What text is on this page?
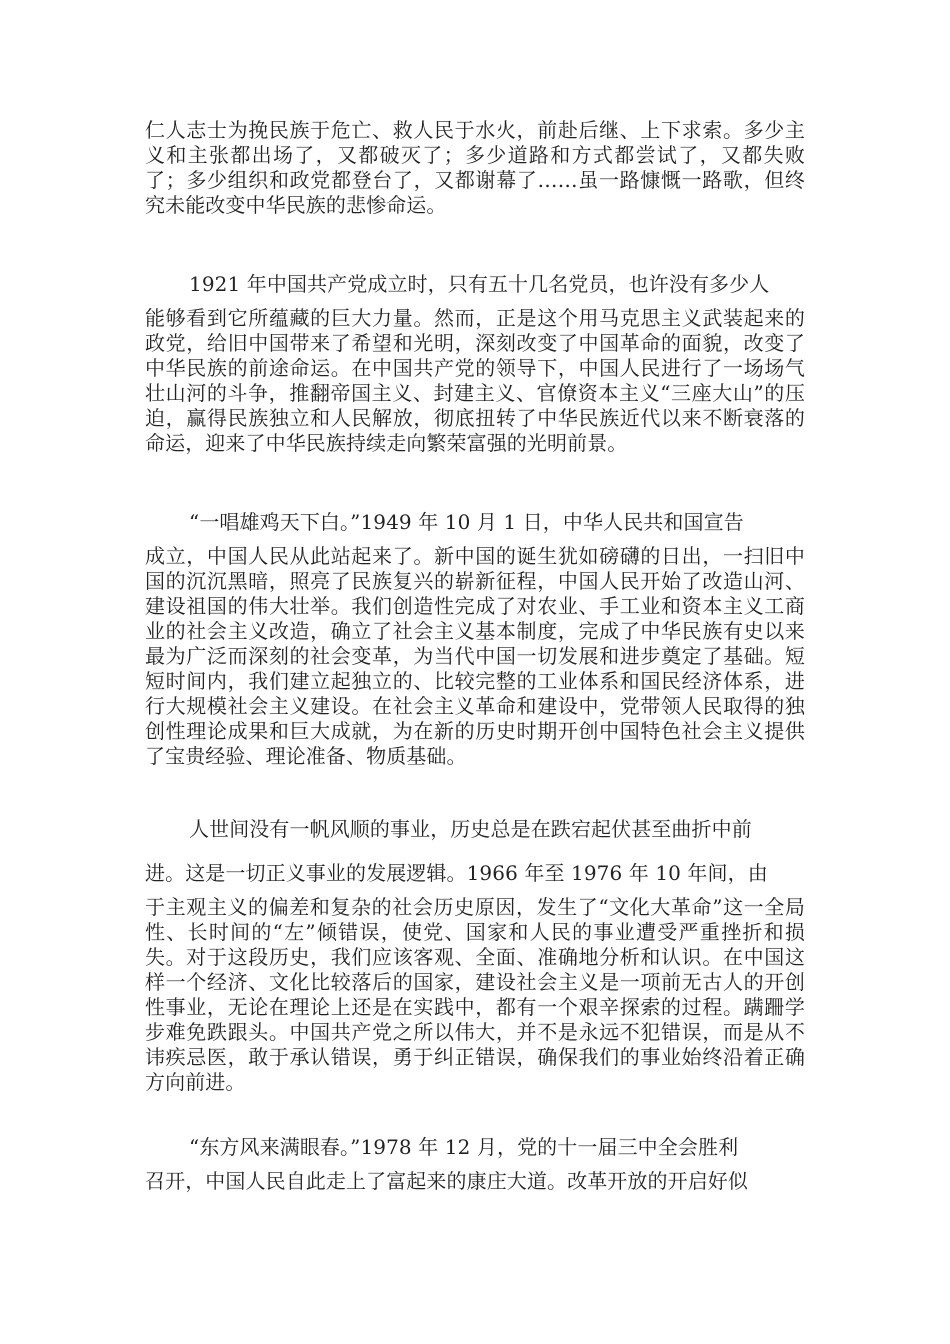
仁人志士为挽民族于危亡、救人民于水火，前赴后继、上下求索。多少主义和主张都出场了，又都破灭了；多少道路和方式都尝试了，又都失败了；多少组织和政党都登台了，又都谢幕了……虽一路慷慨一路歌，但终究未能改变中华民族的悲惨命运。

1921 年中国共产党成立时，只有五十几名党员，也许没有多少人
能够看到它所蕴藏的巨大力量。然而，正是这个用马克思主义武装起来的政党，给旧中国带来了希望和光明，深刻改变了中国革命的面貌，改变了中华民族的前途命运。在中国共产党的领导下，中国人民进行了一场场气壮山河的斗争，推翻帝国主义、封建主义、官僚资本主义“三座大山”的压迫，赢得民族独立和人民解放，彻底扭转了中华民族近代以来不断衰落的命运，迎来了中华民族持续走向繁荣富强的光明前景。

“一唱雄鸡天下白。”1949 年 10 月 1 日，中华人民共和国宣告
成立，中国人民从此站起来了。新中国的诞生犹如磅礴的日出，一扫旧中国的沉沉黑暗，照亮了民族复兴的崭新征程，中国人民开始了改造山河、建设祖国的伟大壮举。我们创造性完成了对农业、手工业和资本主义工商业的社会主义改造，确立了社会主义基本制度，完成了中华民族有史以来最为广泛而深刻的社会变革，为当代中国一切发展和进步奠定了基础。短短时间内，我们建立起独立的、比较完整的工业体系和国民经济体系，进行大规模社会主义建设。在社会主义革命和建设中，党带领人民取得的独创性理论成果和巨大成就，为在新的历史时期开创中国特色社会主义提供了宝贵经验、理论准备、物质基础。

人世间没有一帆风顺的事业，历史总是在跌宕起伏甚至曲折中前
进。这是一切正义事业的发展逻辑。1966 年至 1976 年 10 年间，由
于主观主义的偏差和复杂的社会历史原因，发生了“文化大革命”这一全局性、长时间的“左”倾错误，使党、国家和人民的事业遭受严重挫折和损失。对于这段历史，我们应该客观、全面、准确地分析和认识。在中国这样一个经济、文化比较落后的国家，建设社会主义是一项前无古人的开创性事业，无论在理论上还是在实践中，都有一个艰辛探索的过程。蹒跚学步难免跌跟头。中国共产党之所以伟大，并不是永远不犯错误，而是从不讳疾忌医，敢于承认错误，勇于纠正错误，确保我们的事业始终沿着正确方向前进。

“东方风来满眼春。”1978 年 12 月，党的十一届三中全会胜利
召开，中国人民自此走上了富起来的康庄大道。改革开放的开启好似
